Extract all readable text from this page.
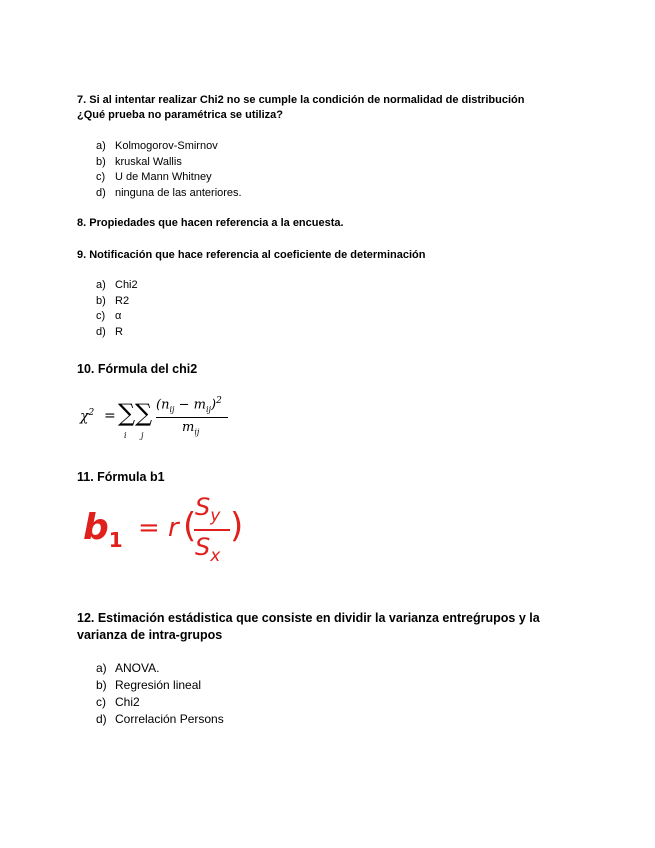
7. Si al intentar realizar Chi2 no se cumple la condición de normalidad de distribución
¿Qué prueba no paramétrica se utiliza?
a) Kolmogorov-Smirnov
b) kruskal Wallis
c) U de Mann Whitney
d) ninguna de las anteriores.
8. Propiedades que hacen referencia a la encuesta.
9. Notificación que hace referencia al coeficiente de determinación
a) Chi2
b) R2
c) α
d) R
10. Fórmula del chi2
$\chi^2$ = ∑
i
∑
j
$(n_{ij} - m_{ij})^2$
$m_{ij}$
11. Fórmula b1
$b_1 = r$ (
$S_y$
$S_x$
)
12. Estimación estádistica que consiste en dividir la varianza entreǵrupos y la
varianza de intra-grupos
a) ANOVA.
b) Regresión lineal
c) Chi2
d) Correlación Persons
